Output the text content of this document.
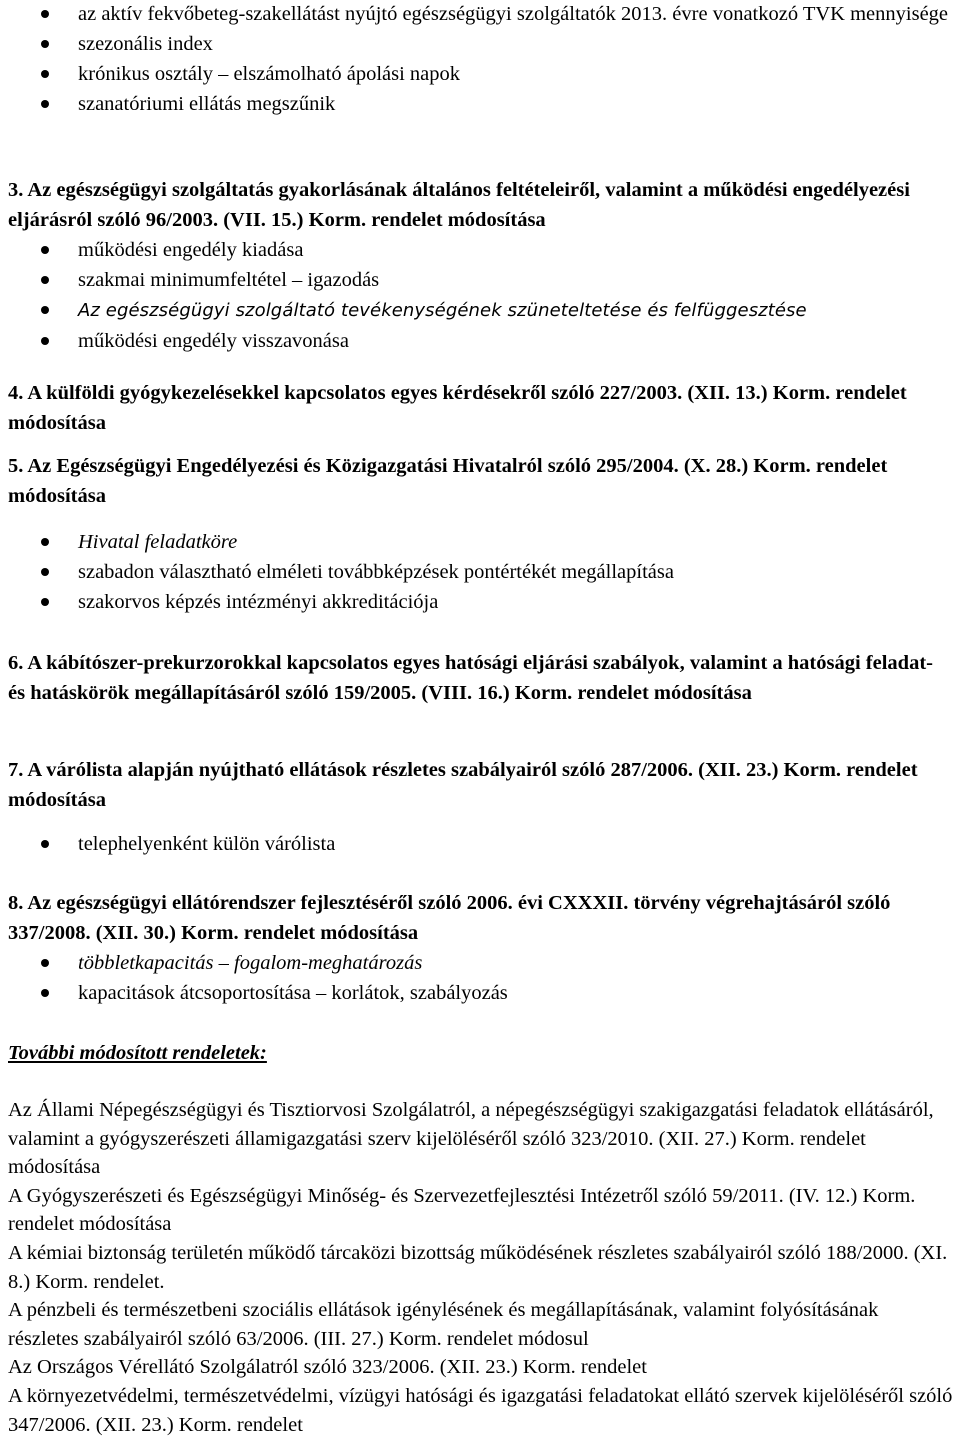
az aktív fekvőbeteg-szakellátást nyújtó egészségügyi szolgáltatók 2013. évre vonatkozó TVK mennyisége
szezonális index
krónikus osztály – elszámolható ápolási napok
szanatóriumi ellátás megszűnik

3. Az egészségügyi szolgáltatás gyakorlásának általános feltételeiről, valamint a működési engedélyezési eljárásról szóló 96/2003. (VII. 15.) Korm. rendelet módosítása

működési engedély kiadása
szakmai minimumfeltétel – igazodás
Az egészségügyi szolgáltató tevékenységének szüneteltetése és felfüggesztése
működési engedély visszavonása

4. A külföldi gyógykezelésekkel kapcsolatos egyes kérdésekről szóló 227/2003. (XII. 13.) Korm. rendelet módosítása

5. Az Egészségügyi Engedélyezési és Közigazgatási Hivatalról szóló 295/2004. (X. 28.) Korm. rendelet módosítása

Hivatal feladatköre
szabadon választható elméleti továbbképzések pontértékét megállapítása
szakorvos képzés intézményi akkreditációja

6. A kábítószer-prekurzorokkal kapcsolatos egyes hatósági eljárási szabályok, valamint a hatósági feladat- és hatáskörök megállapításáról szóló 159/2005. (VIII. 16.) Korm. rendelet módosítása

7. A várólista alapján nyújtható ellátások részletes szabályairól szóló 287/2006. (XII. 23.) Korm. rendelet módosítása

telephelyenként külön várólista

8. Az egészségügyi ellátórendszer fejlesztéséről szóló 2006. évi CXXXII. törvény végrehajtásáról szóló 337/2008. (XII. 30.) Korm. rendelet módosítása

többletkapacitás – fogalom-meghatározás
kapacitások átcsoportosítása – korlátok, szabályozás

További módosított rendeletek:

Az Állami Népegészségügyi és Tisztiorvosi Szolgálatról, a népegészségügyi szakigazgatási feladatok ellátásáról, valamint a gyógyszerészeti államigazgatási szerv kijelöléséről szóló 323/2010. (XII. 27.) Korm. rendelet módosítása

A Gyógyszerészeti és Egészségügyi Minőség- és Szervezetfejlesztési Intézetről szóló 59/2011. (IV. 12.) Korm. rendelet módosítása

A kémiai biztonság területén működő tárcaközi bizottság működésének részletes szabályairól szóló 188/2000. (XI. 8.) Korm. rendelet.

A pénzbeli és természetbeni szociális ellátások igénylésének és megállapításának, valamint folyósításának részletes szabályairól szóló 63/2006. (III. 27.) Korm. rendelet módosul

Az Országos Vérellátó Szolgálatról szóló 323/2006. (XII. 23.) Korm. rendelet

A környezetvédelmi, természetvédelmi, vízügyi hatósági és igazgatási feladatokat ellátó szervek kijelöléséről szóló 347/2006. (XII. 23.) Korm. rendelet
